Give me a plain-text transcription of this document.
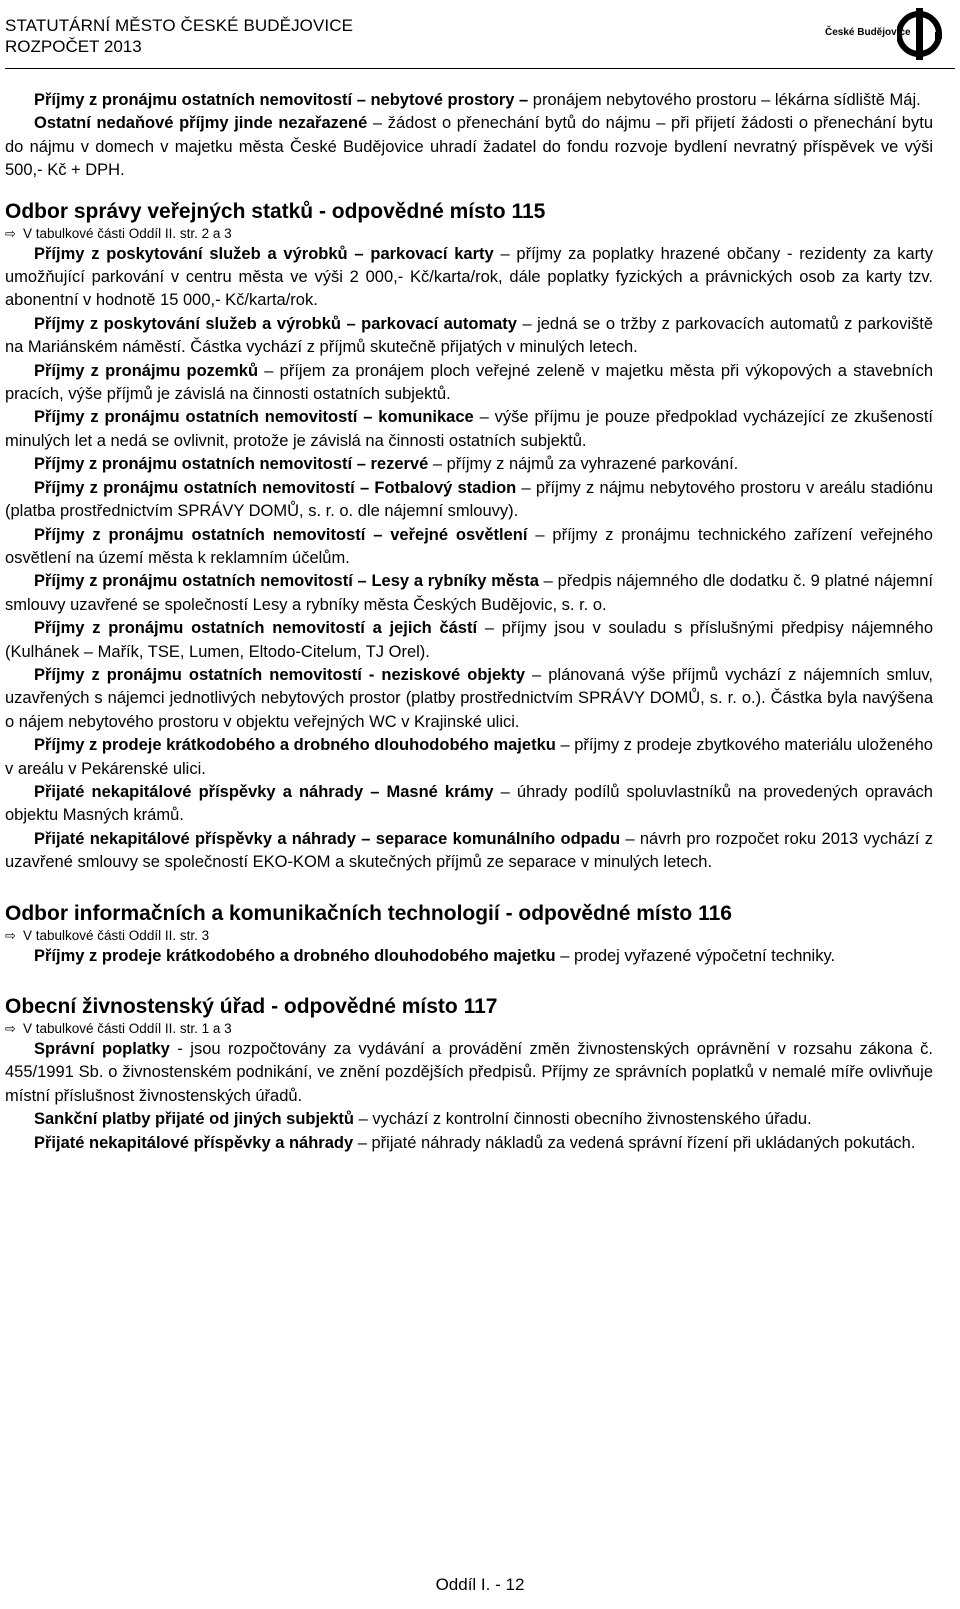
STATUTÁRNÍ MĚSTO ČESKÉ BUDĚJOVICE
ROZPOČET 2013
České Budějovice

Příjmy z pronájmu ostatních nemovitostí – nebytové prostory – pronájem nebytového prostoru – lékárna sídliště Máj.

Ostatní nedaňové příjmy jinde nezařazené – žádost o přenechání bytů do nájmu – při přijetí žádosti o přenechání bytu do nájmu v domech v majetku města České Budějovice uhradí žadatel do fondu rozvoje bydlení nevratný příspěvek ve výši 500,- Kč + DPH.

Odbor správy veřejných statků - odpovědné místo 115
⇨ V tabulkové části Oddíl II. str. 2 a 3

Příjmy z poskytování služeb a výrobků – parkovací karty – příjmy za poplatky hrazené občany - rezidenty za karty umožňující parkování v centru města ve výši 2 000,- Kč/karta/rok, dále poplatky fyzických a právnických osob za karty tzv. abonentní v hodnotě 15 000,- Kč/karta/rok.

Příjmy z poskytování služeb a výrobků – parkovací automaty – jedná se o tržby z parkovacích automatů z parkoviště na Mariánském náměstí. Částka vychází z příjmů skutečně přijatých v minulých letech.

Příjmy z pronájmu pozemků – příjem za pronájem ploch veřejné zeleně v majetku města při výkopových a stavebních pracích, výše příjmů je závislá na činnosti ostatních subjektů.

Příjmy z pronájmu ostatních nemovitostí – komunikace – výše příjmu je pouze předpoklad vycházející ze zkušeností minulých let a nedá se ovlivnit, protože je závislá na činnosti ostatních subjektů.

Příjmy z pronájmu ostatních nemovitostí – rezervé – příjmy z nájmů za vyhrazené parkování.

Příjmy z pronájmu ostatních nemovitostí – Fotbalový stadion – příjmy z nájmu nebytového prostoru v areálu stadiónu (platba prostřednictvím SPRÁVY DOMŮ, s. r. o. dle nájemní smlouvy).

Příjmy z pronájmu ostatních nemovitostí – veřejné osvětlení – příjmy z pronájmu technického zařízení veřejného osvětlení na území města k reklamním účelům.

Příjmy z pronájmu ostatních nemovitostí – Lesy a rybníky města – předpis nájemného dle dodatku č. 9 platné nájemní smlouvy uzavřené se společností Lesy a rybníky města Českých Budějovic, s. r. o.

Příjmy z pronájmu ostatních nemovitostí a jejich částí – příjmy jsou v souladu s příslušnými předpisy nájemného (Kulhánek – Mařík, TSE, Lumen, Eltodo-Citelum, TJ Orel).

Příjmy z pronájmu ostatních nemovitostí - neziskové objekty – plánovaná výše příjmů vychází z nájemních smluv, uzavřených s nájemci jednotlivých nebytových prostor (platby prostřednictvím SPRÁVY DOMŮ, s. r. o.). Částka byla navýšena o nájem nebytového prostoru v objektu veřejných WC v Krajinské ulici.

Příjmy z prodeje krátkodobého a drobného dlouhodobého majetku – příjmy z prodeje zbytkového materiálu uloženého v areálu v Pekárenské ulici.

Přijaté nekapitálové příspěvky a náhrady – Masné krámy – úhrady podílů spoluvlastníků na provedených opravách objektu Masných krámů.

Přijaté nekapitálové příspěvky a náhrady – separace komunálního odpadu – návrh pro rozpočet roku 2013 vychází z uzavřené smlouvy se společností EKO-KOM a skutečných příjmů ze separace v minulých letech.

Odbor informačních a komunikačních technologií - odpovědné místo 116
⇨ V tabulkové části Oddíl II. str. 3

Příjmy z prodeje krátkodobého a drobného dlouhodobého majetku – prodej vyřazené výpočetní techniky.

Obecní živnostenský úřad - odpovědné místo 117
⇨ V tabulkové části Oddíl II. str. 1 a 3

Správní poplatky - jsou rozpočtovány za vydávání a provádění změn živnostenských oprávnění v rozsahu zákona č. 455/1991 Sb. o živnostenském podnikání, ve znění pozdějších předpisů. Příjmy ze správních poplatků v nemalé míře ovlivňuje místní příslušnost živnostenských úřadů.

Sankční platby přijaté od jiných subjektů – vychází z kontrolní činnosti obecního živnostenského úřadu.

Přijaté nekapitálové příspěvky a náhrady – přijaté náhrady nákladů za vedená správní řízení při ukládaných pokutách.

Oddíl I. - 12
